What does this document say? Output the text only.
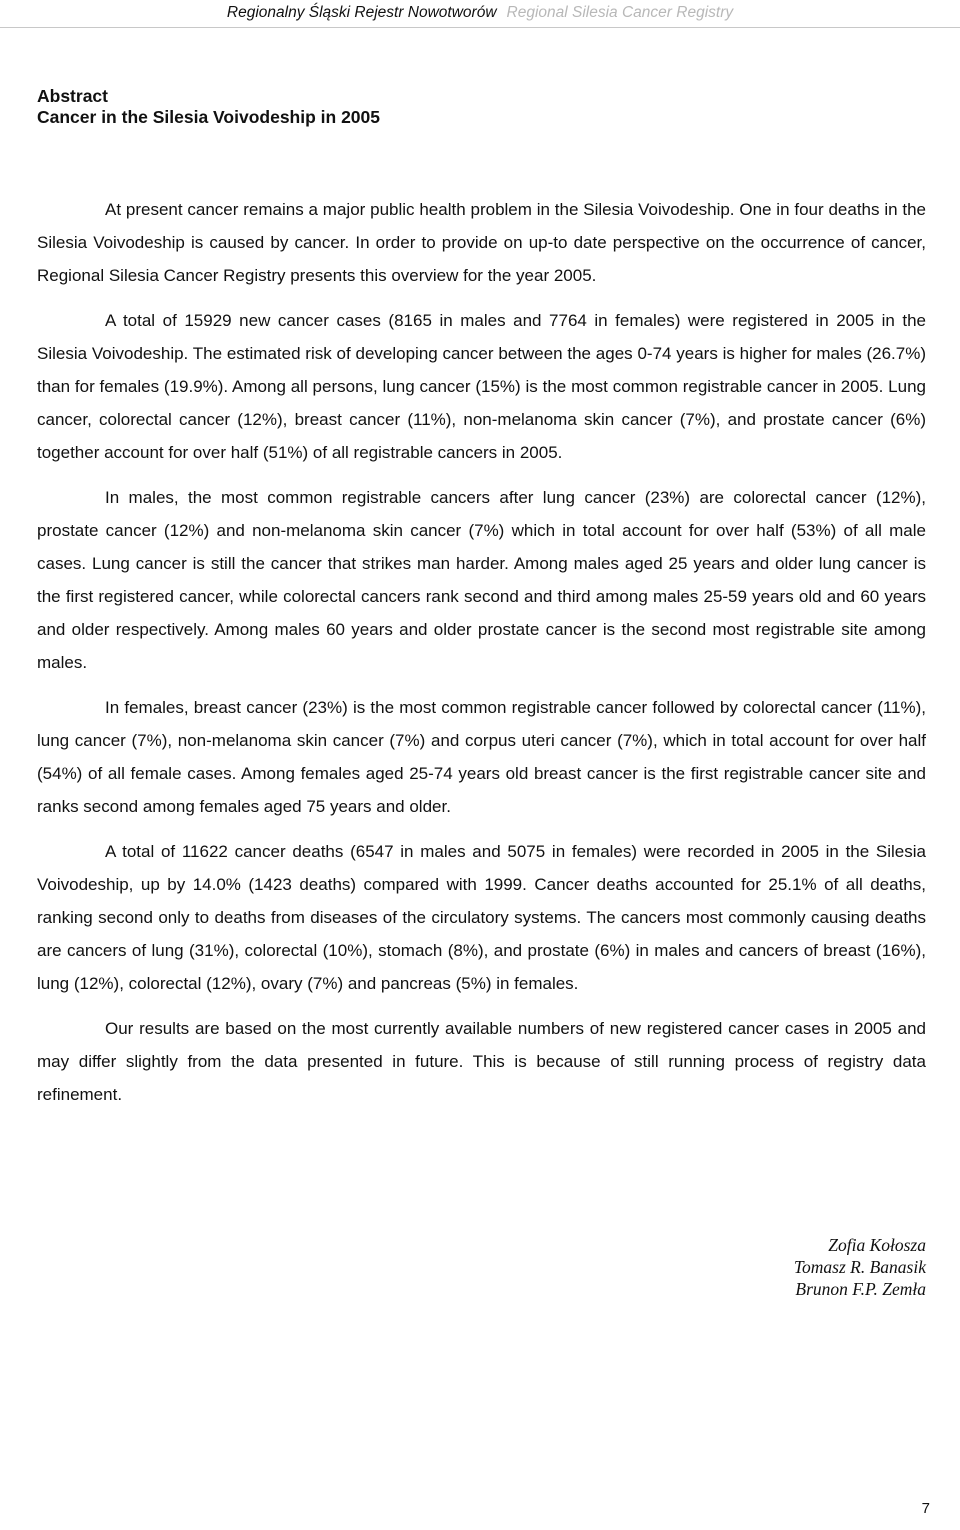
Regionalny Śląski Rejestr Nowotworów Regional Silesia Cancer Registry
Abstract
Cancer in the Silesia Voivodeship in 2005

At present cancer remains a major public health problem in the Silesia Voivodeship. One in four deaths in the Silesia Voivodeship is caused by cancer. In order to provide on up-to date perspective on the occurrence of cancer, Regional Silesia Cancer Registry presents this overview for the year 2005.

A total of 15929 new cancer cases (8165 in males and 7764 in females) were registered in 2005 in the Silesia Voivodeship. The estimated risk of developing cancer between the ages 0-74 years is higher for males (26.7%) than for females (19.9%). Among all persons, lung cancer (15%) is the most common registrable cancer in 2005. Lung cancer, colorectal cancer (12%), breast cancer (11%), non-melanoma skin cancer (7%), and prostate cancer (6%) together account for over half (51%) of all registrable cancers in 2005.

In males, the most common registrable cancers after lung cancer (23%) are colorectal cancer (12%), prostate cancer (12%) and non-melanoma skin cancer (7%) which in total account for over half (53%) of all male cases. Lung cancer is still the cancer that strikes man harder. Among males aged 25 years and older lung cancer is the first registered cancer, while colorectal cancers rank second and third among males 25-59 years old and 60 years and older respectively. Among males 60 years and older prostate cancer is the second most registrable site among males.

In females, breast cancer (23%) is the most common registrable cancer followed by colorectal cancer (11%), lung cancer (7%), non-melanoma skin cancer (7%) and corpus uteri cancer (7%), which in total account for over half (54%) of all female cases. Among females aged 25-74 years old breast cancer is the first registrable cancer site and ranks second among females aged 75 years and older.

A total of 11622 cancer deaths (6547 in males and 5075 in females) were recorded in 2005 in the Silesia Voivodeship, up by 14.0% (1423 deaths) compared with 1999. Cancer deaths accounted for 25.1% of all deaths, ranking second only to deaths from diseases of the circulatory systems. The cancers most commonly causing deaths are cancers of lung (31%), colorectal (10%), stomach (8%), and prostate (6%) in males and cancers of breast (16%), lung (12%), colorectal (12%), ovary (7%) and pancreas (5%) in females.

Our results are based on the most currently available numbers of new registered cancer cases in 2005 and may differ slightly from the data presented in future. This is because of still running process of registry data refinement.

Zofia Kołosza
Tomasz R. Banasik
Brunon F.P. Zemła
7
